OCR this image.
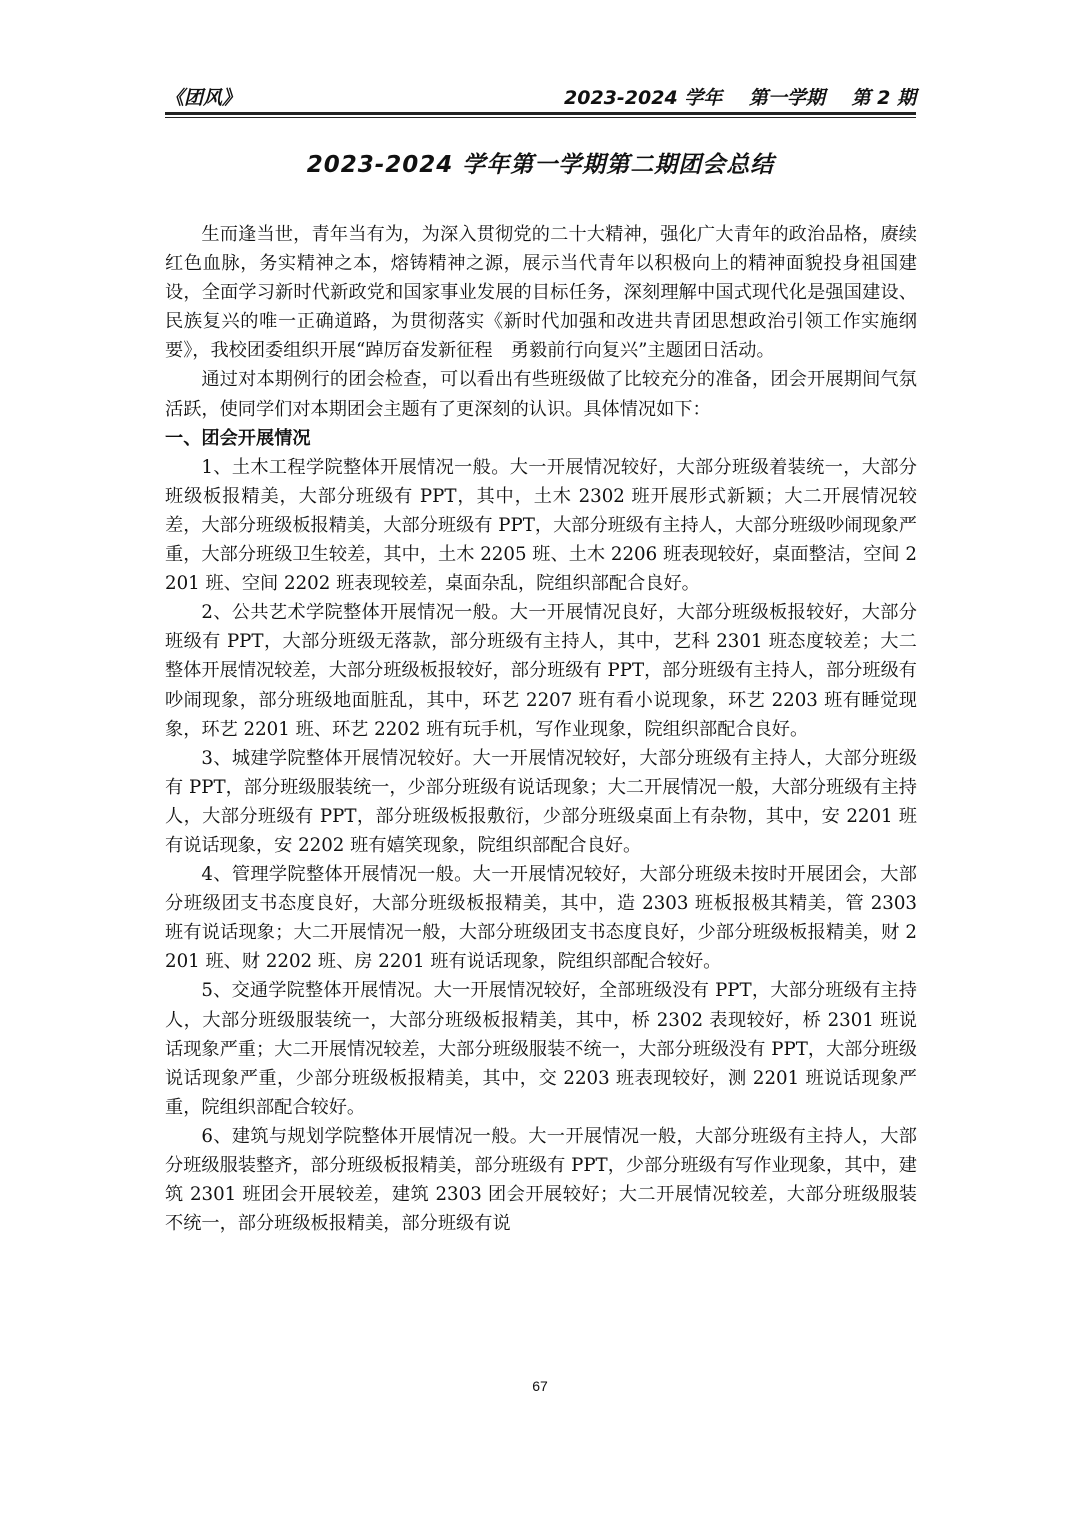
《团风》	2023-2024 学年 第一学期 第 2 期
2023-2024 学年第一学期第二期团会总结

生而逢当世，青年当有为，为深入贯彻党的二十大精神，强化广大青年的政治品格，赓续红色血脉，务实精神之本，熔铸精神之源，展示当代青年以积极向上的精神面貌投身祖国建设，全面学习新时代新政党和国家事业发展的目标任务，深刻理解中国式现代化是强国建设、民族复兴的唯一正确道路，为贯彻落实《新时代加强和改进共青团思想政治引领工作实施纲要》，我校团委组织开展“踔厉奋发新征程　勇毅前行向复兴”主题团日活动。

通过对本期例行的团会检查，可以看出有些班级做了比较充分的准备，团会开展期间气氛活跃，使同学们对本期团会主题有了更深刻的认识。具体情况如下：

一、团会开展情况

1、土木工程学院整体开展情况一般。大一开展情况较好，大部分班级着装统一，大部分班级板报精美，大部分班级有 PPT，其中，土木 2302 班开展形式新颖；大二开展情况较差，大部分班级板报精美，大部分班级有 PPT，大部分班级有主持人，大部分班级吵闹现象严重，大部分班级卫生较差，其中，土木 2205 班、土木 2206 班表现较好，桌面整洁，空间 2201 班、空间 2202 班表现较差，桌面杂乱，院组织部配合良好。

2、公共艺术学院整体开展情况一般。大一开展情况良好，大部分班级板报较好，大部分班级有 PPT，大部分班级无落款，部分班级有主持人，其中，艺科 2301 班态度较差；大二整体开展情况较差，大部分班级板报较好，部分班级有 PPT，部分班级有主持人，部分班级有吵闹现象，部分班级地面脏乱，其中，环艺 2207 班有看小说现象，环艺 2203 班有睡觉现象，环艺 2201 班、环艺 2202 班有玩手机，写作业现象，院组织部配合良好。

3、城建学院整体开展情况较好。大一开展情况较好，大部分班级有主持人，大部分班级有 PPT，部分班级服装统一，少部分班级有说话现象；大二开展情况一般，大部分班级有主持人，大部分班级有 PPT，部分班级板报敷衍，少部分班级桌面上有杂物，其中，安 2201 班有说话现象，安 2202 班有嬉笑现象，院组织部配合良好。

4、管理学院整体开展情况一般。大一开展情况较好，大部分班级未按时开展团会，大部分班级团支书态度良好，大部分班级板报精美，其中，造 2303 班板报极其精美，管 2303 班有说话现象；大二开展情况一般，大部分班级团支书态度良好，少部分班级板报精美，财 2201 班、财 2202 班、房 2201 班有说话现象，院组织部配合较好。

5、交通学院整体开展情况。大一开展情况较好，全部班级没有 PPT，大部分班级有主持人，大部分班级服装统一，大部分班级板报精美，其中，桥 2302 表现较好，桥 2301 班说话现象严重；大二开展情况较差，大部分班级服装不统一，大部分班级没有 PPT，大部分班级说话现象严重，少部分班级板报精美，其中，交 2203 班表现较好，测 2201 班说话现象严重，院组织部配合较好。

6、建筑与规划学院整体开展情况一般。大一开展情况一般，大部分班级有主持人，大部分班级服装整齐，部分班级板报精美，部分班级有 PPT，少部分班级有写作业现象，其中，建筑 2301 班团会开展较差，建筑 2303 团会开展较好；大二开展情况较差，大部分班级服装不统一，部分班级板报精美，部分班级有说

67
